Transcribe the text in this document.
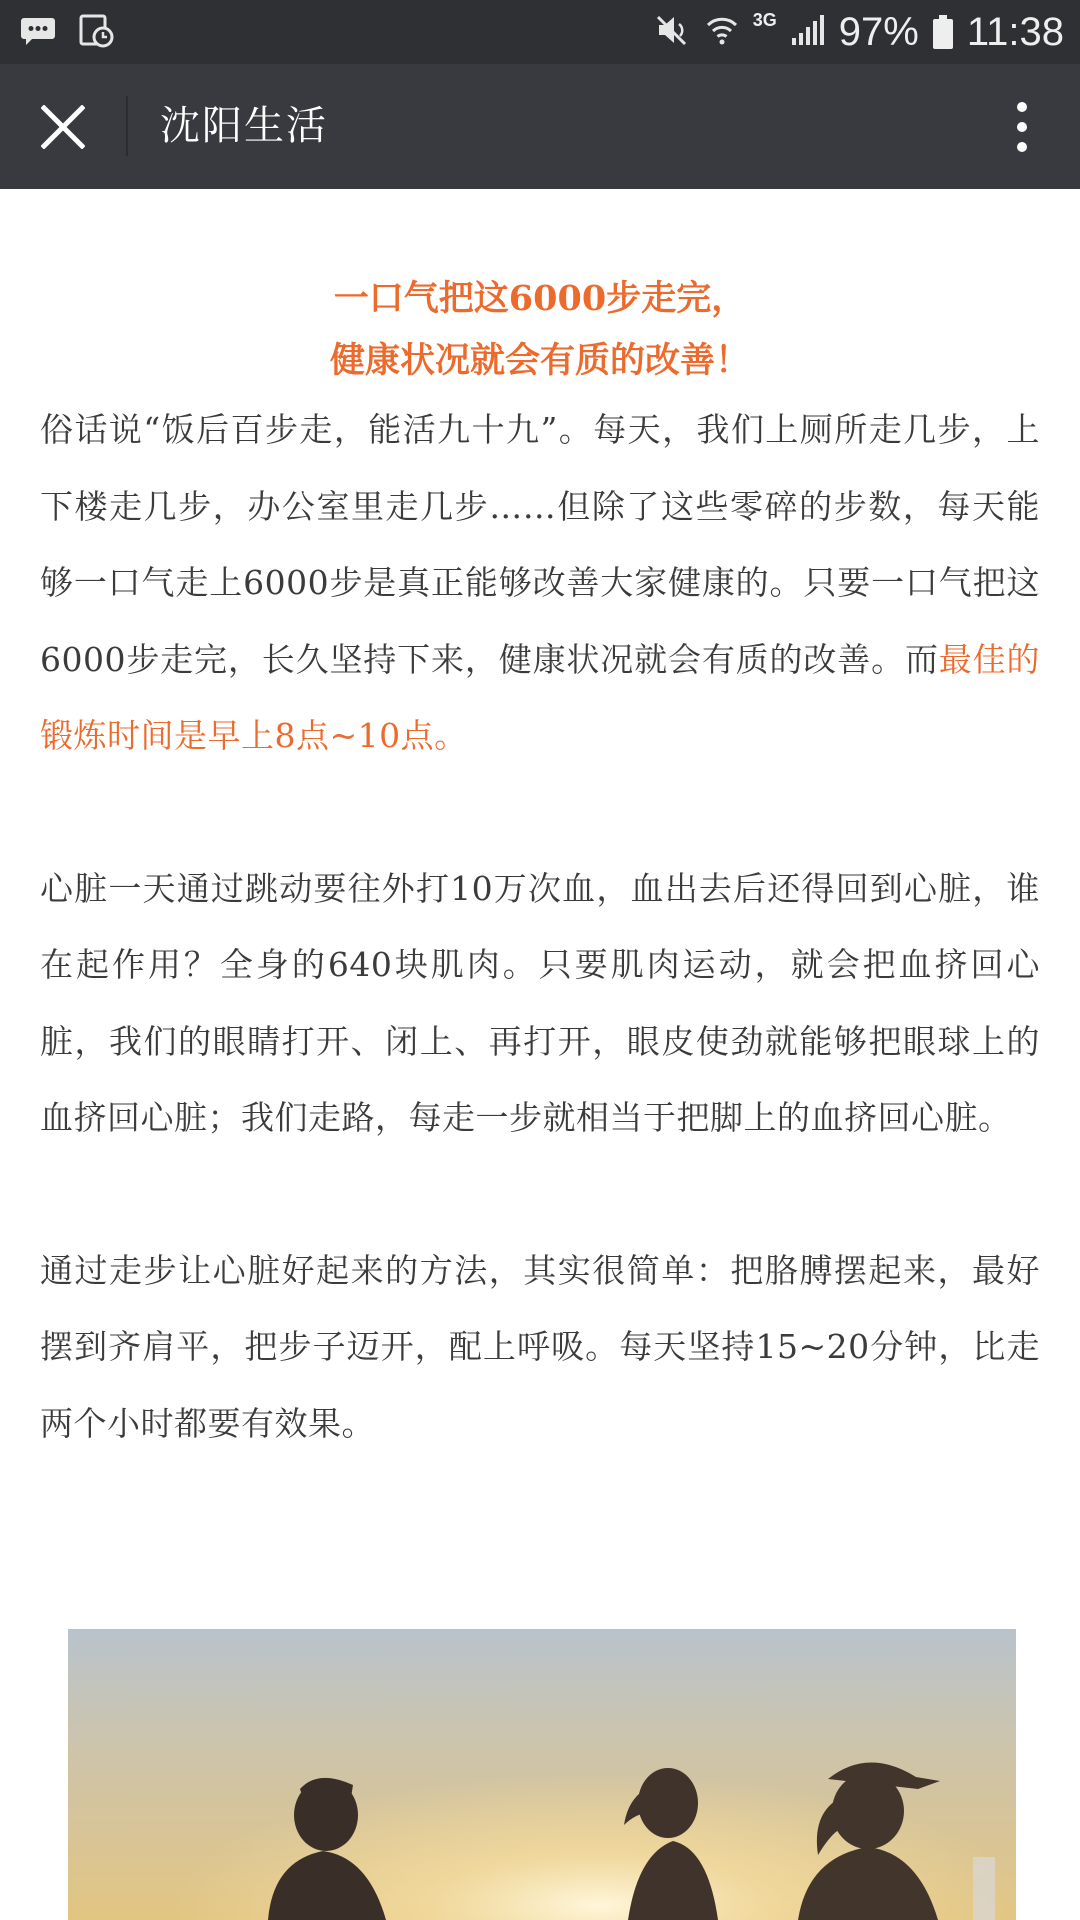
3G 97% 11:38
沈阳生活
一口气把这6000步走完，
健康状况就会有质的改善！

俗话说“饭后百步走，能活九十九”。每天，我们上厕所走几步，上下楼走几步，办公室里走几步……但除了这些零碎的步数，每天能够一口气走上6000步是真正能够改善大家健康的。只要一口气把这6000步走完，长久坚持下来，健康状况就会有质的改善。而最佳的锻炼时间是早上8点~10点。

心脏一天通过跳动要往外打10万次血，血出去后还得回到心脏，谁在起作用？全身的640块肌肉。只要肌肉运动，就会把血挤回心脏，我们的眼睛打开、闭上、再打开，眼皮使劲就能够把眼球上的血挤回心脏；我们走路，每走一步就相当于把脚上的血挤回心脏。

通过走步让心脏好起来的方法，其实很简单：把胳膊摆起来，最好摆到齐肩平，把步子迈开，配上呼吸。每天坚持15~20分钟，比走两个小时都要有效果。
